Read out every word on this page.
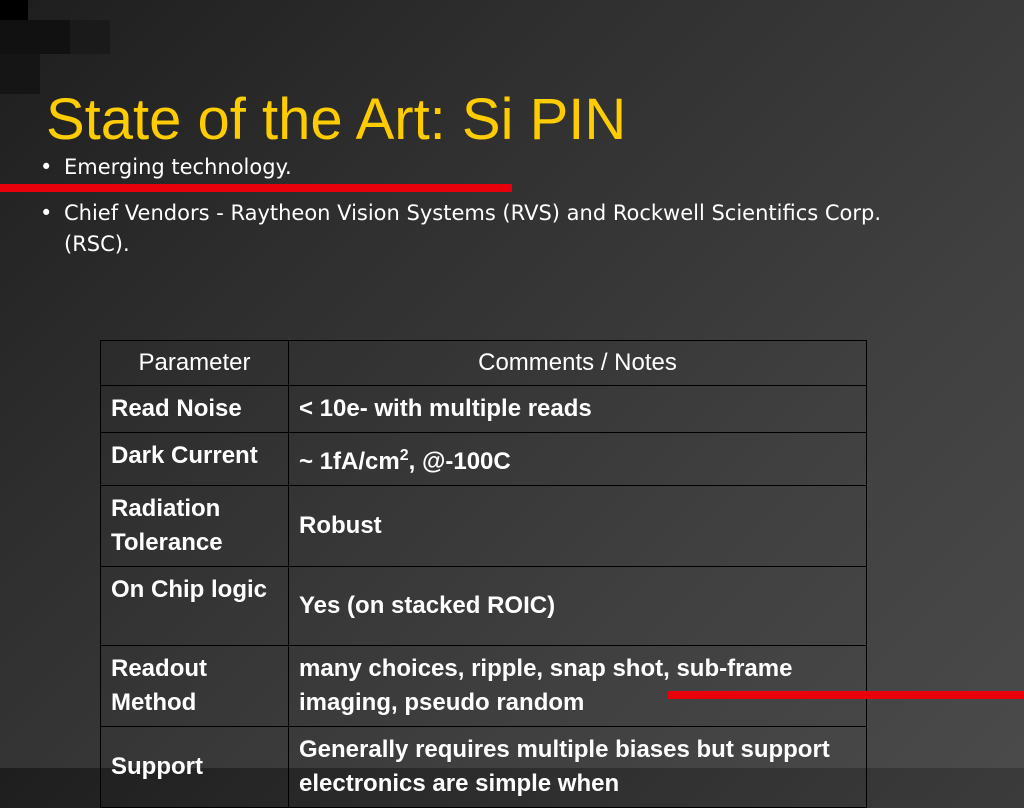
State of the Art: Si PIN
• Emerging technology.
• Chief Vendors - Raytheon Vision Systems (RVS) and Rockwell Scientifics Corp. (RSC).
Parameter	Comments / Notes
Read Noise	< 10e- with multiple reads
Dark Current	~ $1fA/cm^2$, @-100C
Radiation Tolerance	Robust
On Chip logic	Yes (on stacked ROIC)
Readout Method	many choices, ripple, snap shot, sub-frame imaging, pseudo random
Support	Generally requires multiple biases but support electronics are simple when
